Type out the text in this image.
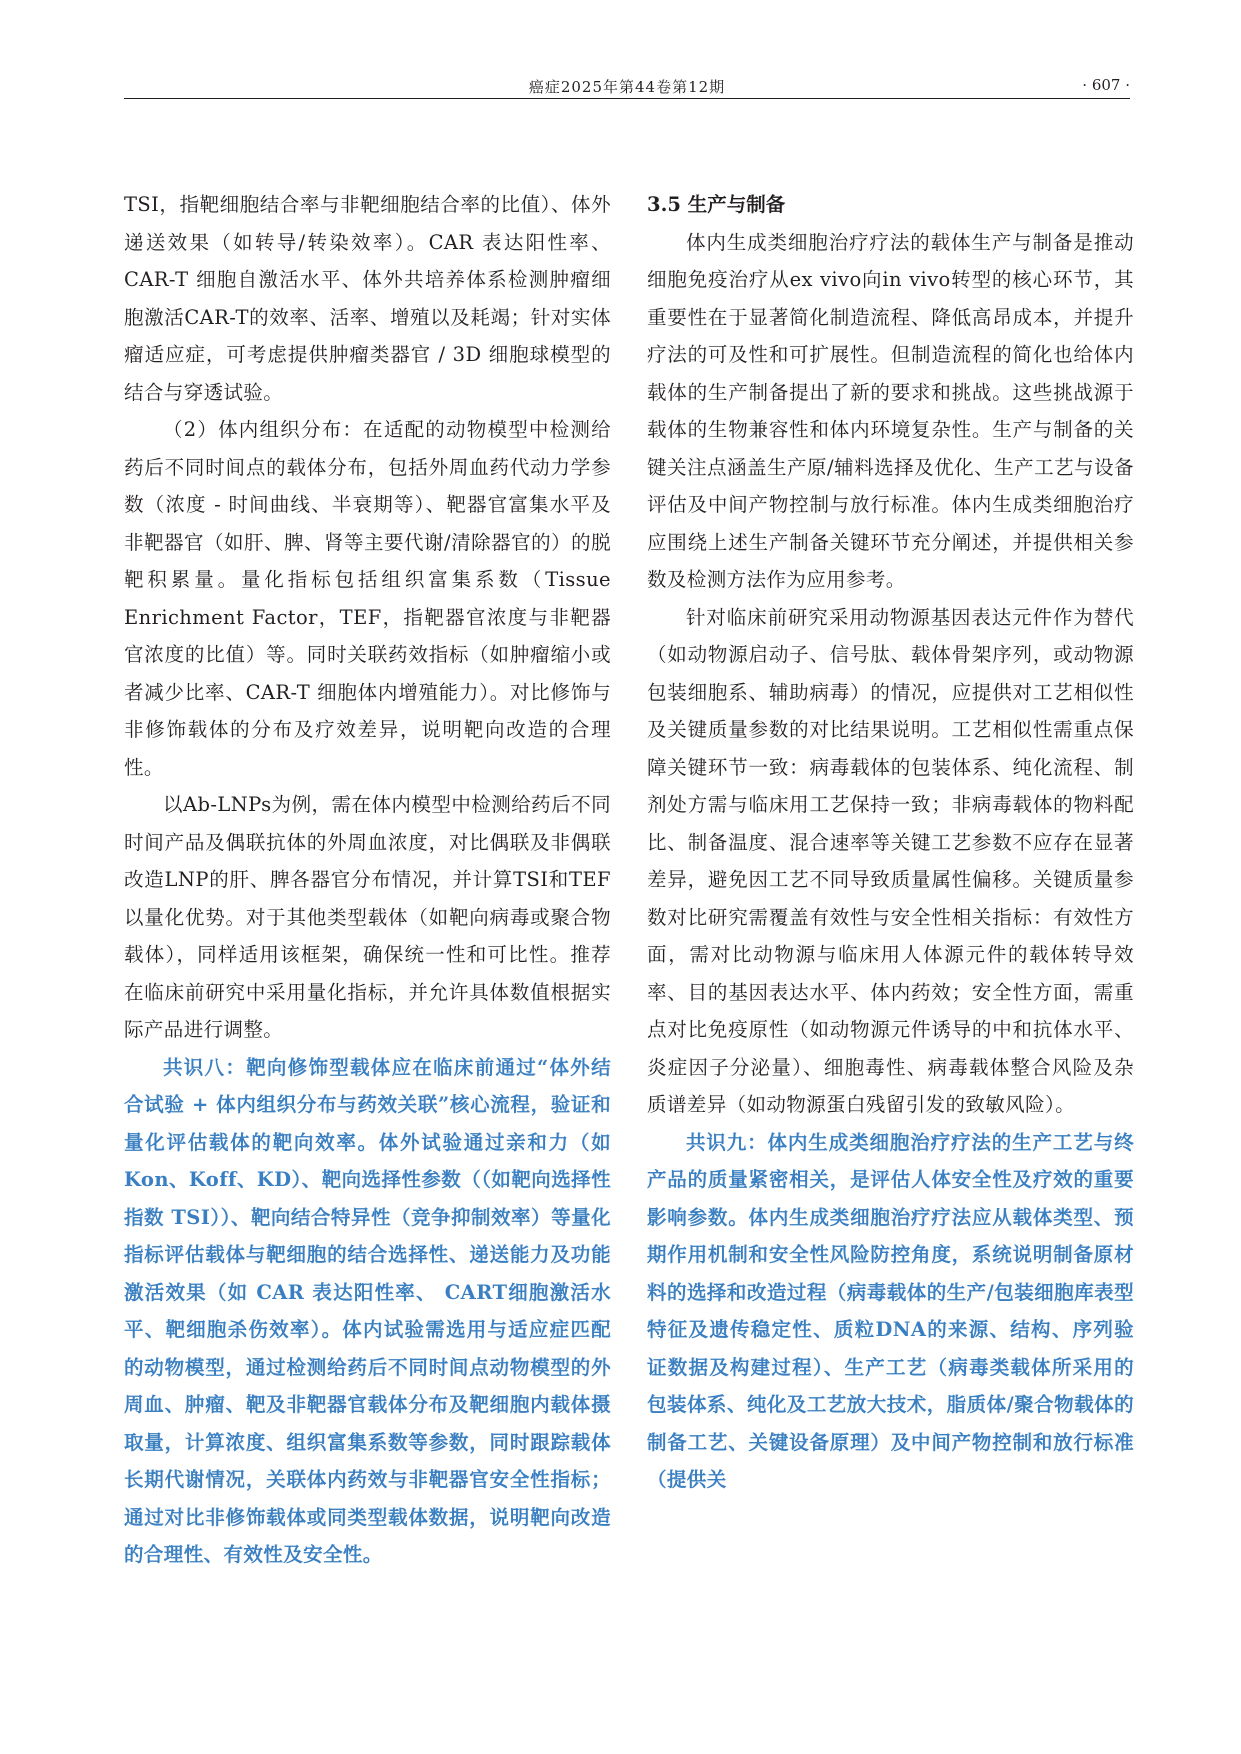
癌症2025年第44卷第12期	· 607 ·

TSI，指靶细胞结合率与非靶细胞结合率的比值）、体外递送效果（如转导/转染效率）。CAR 表达阳性率、 CAR-T 细胞自激活水平、体外共培养体系检测肿瘤细胞激活CAR-T的效率、活率、增殖以及耗竭；针对实体瘤适应症，可考虑提供肿瘤类器官 / 3D 细胞球模型的结合与穿透试验。

（2）体内组织分布：在适配的动物模型中检测给药后不同时间点的载体分布，包括外周血药代动力学参数（浓度 - 时间曲线、半衰期等）、靶器官富集水平及非靶器官（如肝、脾、肾等主要代谢/清除器官的）的脱靶积累量。量化指标包括组织富集系数（Tissue Enrichment Factor，TEF，指靶器官浓度与非靶器官浓度的比值）等。同时关联药效指标（如肿瘤缩小或者减少比率、CAR-T 细胞体内增殖能力）。对比修饰与非修饰载体的分布及疗效差异，说明靶向改造的合理性。

以Ab-LNPs为例，需在体内模型中检测给药后不同时间产品及偶联抗体的外周血浓度，对比偶联及非偶联改造LNP的肝、脾各器官分布情况，并计算TSI和TEF以量化优势。对于其他类型载体（如靶向病毒或聚合物载体），同样适用该框架，确保统一性和可比性。推荐在临床前研究中采用量化指标，并允许具体数值根据实际产品进行调整。

共识八：靶向修饰型载体应在临床前通过“体外结合试验 + 体内组织分布与药效关联”核心流程，验证和量化评估载体的靶向效率。体外试验通过亲和力（如Kon、Koff、KD）、靶向选择性参数（（如靶向选择性指数 TSI））、靶向结合特异性（竞争抑制效率）等量化指标评估载体与靶细胞的结合选择性、递送能力及功能激活效果（如 CAR 表达阳性率、 CART细胞激活水平、靶细胞杀伤效率）。体内试验需选用与适应症匹配的动物模型，通过检测给药后不同时间点动物模型的外周血、肿瘤、靶及非靶器官载体分布及靶细胞内载体摄取量，计算浓度、组织富集系数等参数，同时跟踪载体长期代谢情况，关联体内药效与非靶器官安全性指标；通过对比非修饰载体或同类型载体数据，说明靶向改造的合理性、有效性及安全性。

3.5 生产与制备

体内生成类细胞治疗疗法的载体生产与制备是推动细胞免疫治疗从ex vivo向in vivo转型的核心环节，其重要性在于显著简化制造流程、降低高昂成本，并提升疗法的可及性和可扩展性。但制造流程的简化也给体内载体的生产制备提出了新的要求和挑战。这些挑战源于载体的生物兼容性和体内环境复杂性。生产与制备的关键关注点涵盖生产原/辅料选择及优化、生产工艺与设备评估及中间产物控制与放行标准。体内生成类细胞治疗应围绕上述生产制备关键环节充分阐述，并提供相关参数及检测方法作为应用参考。

针对临床前研究采用动物源基因表达元件作为替代（如动物源启动子、信号肽、载体骨架序列，或动物源包装细胞系、辅助病毒）的情况，应提供对工艺相似性及关键质量参数的对比结果说明。工艺相似性需重点保障关键环节一致：病毒载体的包装体系、纯化流程、制剂处方需与临床用工艺保持一致；非病毒载体的物料配比、制备温度、混合速率等关键工艺参数不应存在显著差异，避免因工艺不同导致质量属性偏移。关键质量参数对比研究需覆盖有效性与安全性相关指标：有效性方面，需对比动物源与临床用人体源元件的载体转导效率、目的基因表达水平、体内药效；安全性方面，需重点对比免疫原性（如动物源元件诱导的中和抗体水平、炎症因子分泌量）、细胞毒性、病毒载体整合风险及杂质谱差异（如动物源蛋白残留引发的致敏风险）。

共识九：体内生成类细胞治疗疗法的生产工艺与终产品的质量紧密相关，是评估人体安全性及疗效的重要影响参数。体内生成类细胞治疗疗法应从载体类型、预期作用机制和安全性风险防控角度，系统说明制备原材料的选择和改造过程（病毒载体的生产/包装细胞库表型特征及遗传稳定性、质粒DNA的来源、结构、序列验证数据及构建过程）、生产工艺（病毒类载体所采用的包装体系、纯化及工艺放大技术，脂质体/聚合物载体的制备工艺、关键设备原理）及中间产物控制和放行标准（提供关
